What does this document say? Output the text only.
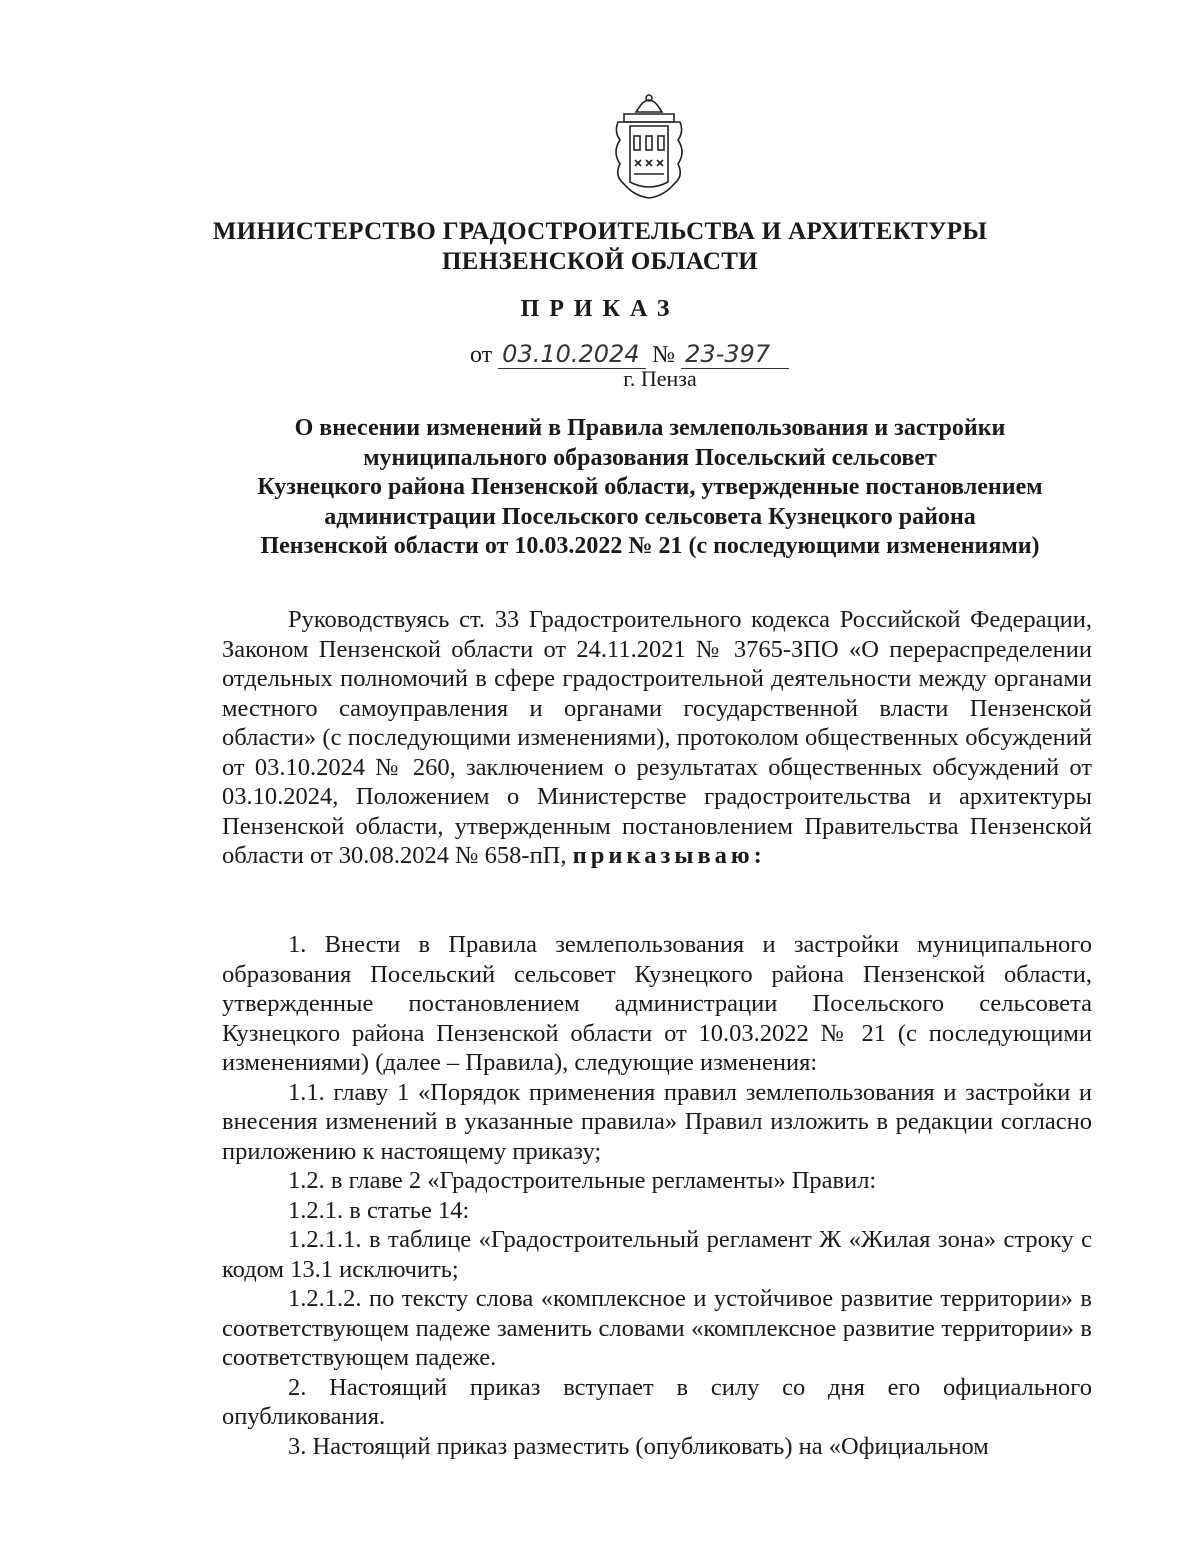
МИНИСТЕРСТВО ГРАДОСТРОИТЕЛЬСТВА И АРХИТЕКТУРЫ
ПЕНЗЕНСКОЙ ОБЛАСТИ
ПРИКАЗ
от 03.10.2024 № 23-397
г. Пенза
О внесении изменений в Правила землепользования и застройки
муниципального образования Посельский сельсовет
Кузнецкого района Пензенской области, утвержденные постановлением
администрации Посельского сельсовета Кузнецкого района
Пензенской области от 10.03.2022 № 21 (с последующими изменениями)

Руководствуясь ст. 33 Градостроительного кодекса Российской Федерации, Законом Пензенской области от 24.11.2021 № 3765-ЗПО «О перераспределении отдельных полномочий в сфере градостроительной деятельности между органами местного самоуправления и органами государственной власти Пензенской области» (с последующими изменениями), протоколом общественных обсуждений от 03.10.2024 № 260, заключением о результатах общественных обсуждений от 03.10.2024, Положением о Министерстве градостроительства и архитектуры Пензенской области, утвержденным постановлением Правительства Пензенской области от 30.08.2024 № 658-пП, приказываю:

1. Внести в Правила землепользования и застройки муниципального образования Посельский сельсовет Кузнецкого района Пензенской области, утвержденные постановлением администрации Посельского сельсовета Кузнецкого района Пензенской области от 10.03.2022 № 21 (с последующими изменениями) (далее – Правила), следующие изменения:

1.1. главу 1 «Порядок применения правил землепользования и застройки и внесения изменений в указанные правила» Правил изложить в редакции согласно приложению к настоящему приказу;

1.2. в главе 2 «Градостроительные регламенты» Правил:

1.2.1. в статье 14:

1.2.1.1. в таблице «Градостроительный регламент Ж «Жилая зона» строку с кодом 13.1 исключить;

1.2.1.2. по тексту слова «комплексное и устойчивое развитие территории» в соответствующем падеже заменить словами «комплексное развитие территории» в соответствующем падеже.

2. Настоящий приказ вступает в силу со дня его официального опубликования.

3. Настоящий приказ разместить (опубликовать) на «Официальном
